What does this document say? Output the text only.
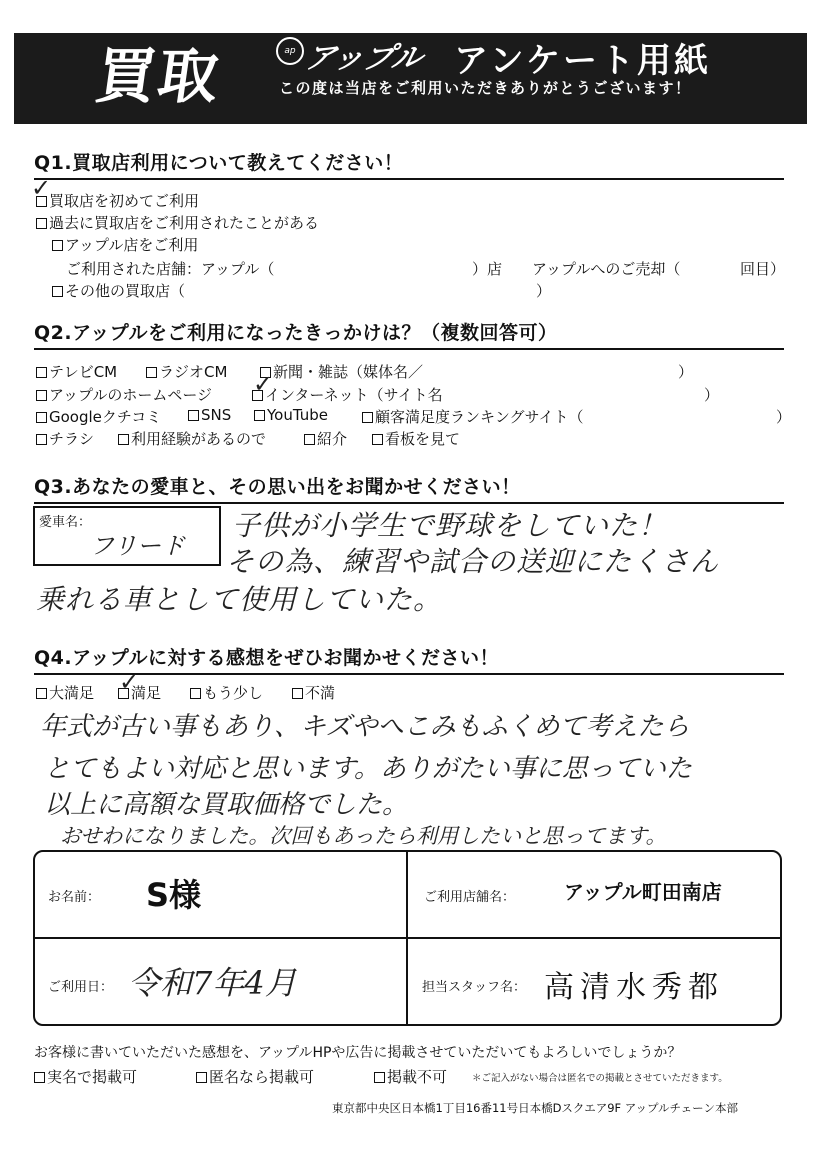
買取	ap アップル アンケート用紙
この度は当店をご利用いただきありがとうございます！
Q1.買取店利用について教えてください！
買取店を初めてご利用
✓
過去に買取店をご利用されたことがある
アップル店をご利用
ご利用された店舗：アップル（	）店 アップルへのご売却（	回目）
その他の買取店（	）
Q2.アップルをご利用になったきっかけは？（複数回答可）
テレビCM	ラジオCM	新聞・雑誌（媒体名／	）
アップルのホームページ	インターネット（サイト名
✓	）
Googleクチコミ	SNS	YouTube	顧客満足度ランキングサイト（	）
チラシ	利用経験があるので	紹介	看板を見て
Q3.あなたの愛車と、その思い出をお聞かせください！
愛車名：
フリード
子供が小学生で野球をしていた！
その為、練習や試合の送迎にたくさん
乗れる車として使用していた。
Q4.アップルに対する感想をぜひお聞かせください！
大満足	満足
✓	もう少し	不満
年式が古い事もあり、キズやへこみもふくめて考えたら
とてもよい対応と思います。ありがたい事に思っていた
以上に高額な買取価格でした。
おせわになりました。次回もあったら利用したいと思ってます。
お名前： S様	ご利用店舗名： アップル町田南店
ご利用日： 令和7年4月	担当スタッフ名： 高清水秀都
お客様に書いていただいた感想を、アップルHPや広告に掲載させていただいてもよろしいでしょうか？
実名で掲載可	匿名なら掲載可	掲載不可	＊ご記入がない場合は匿名での掲載とさせていただきます。
東京都中央区日本橋1丁目16番11号日本橋Dスクエア9F アップルチェーン本部
